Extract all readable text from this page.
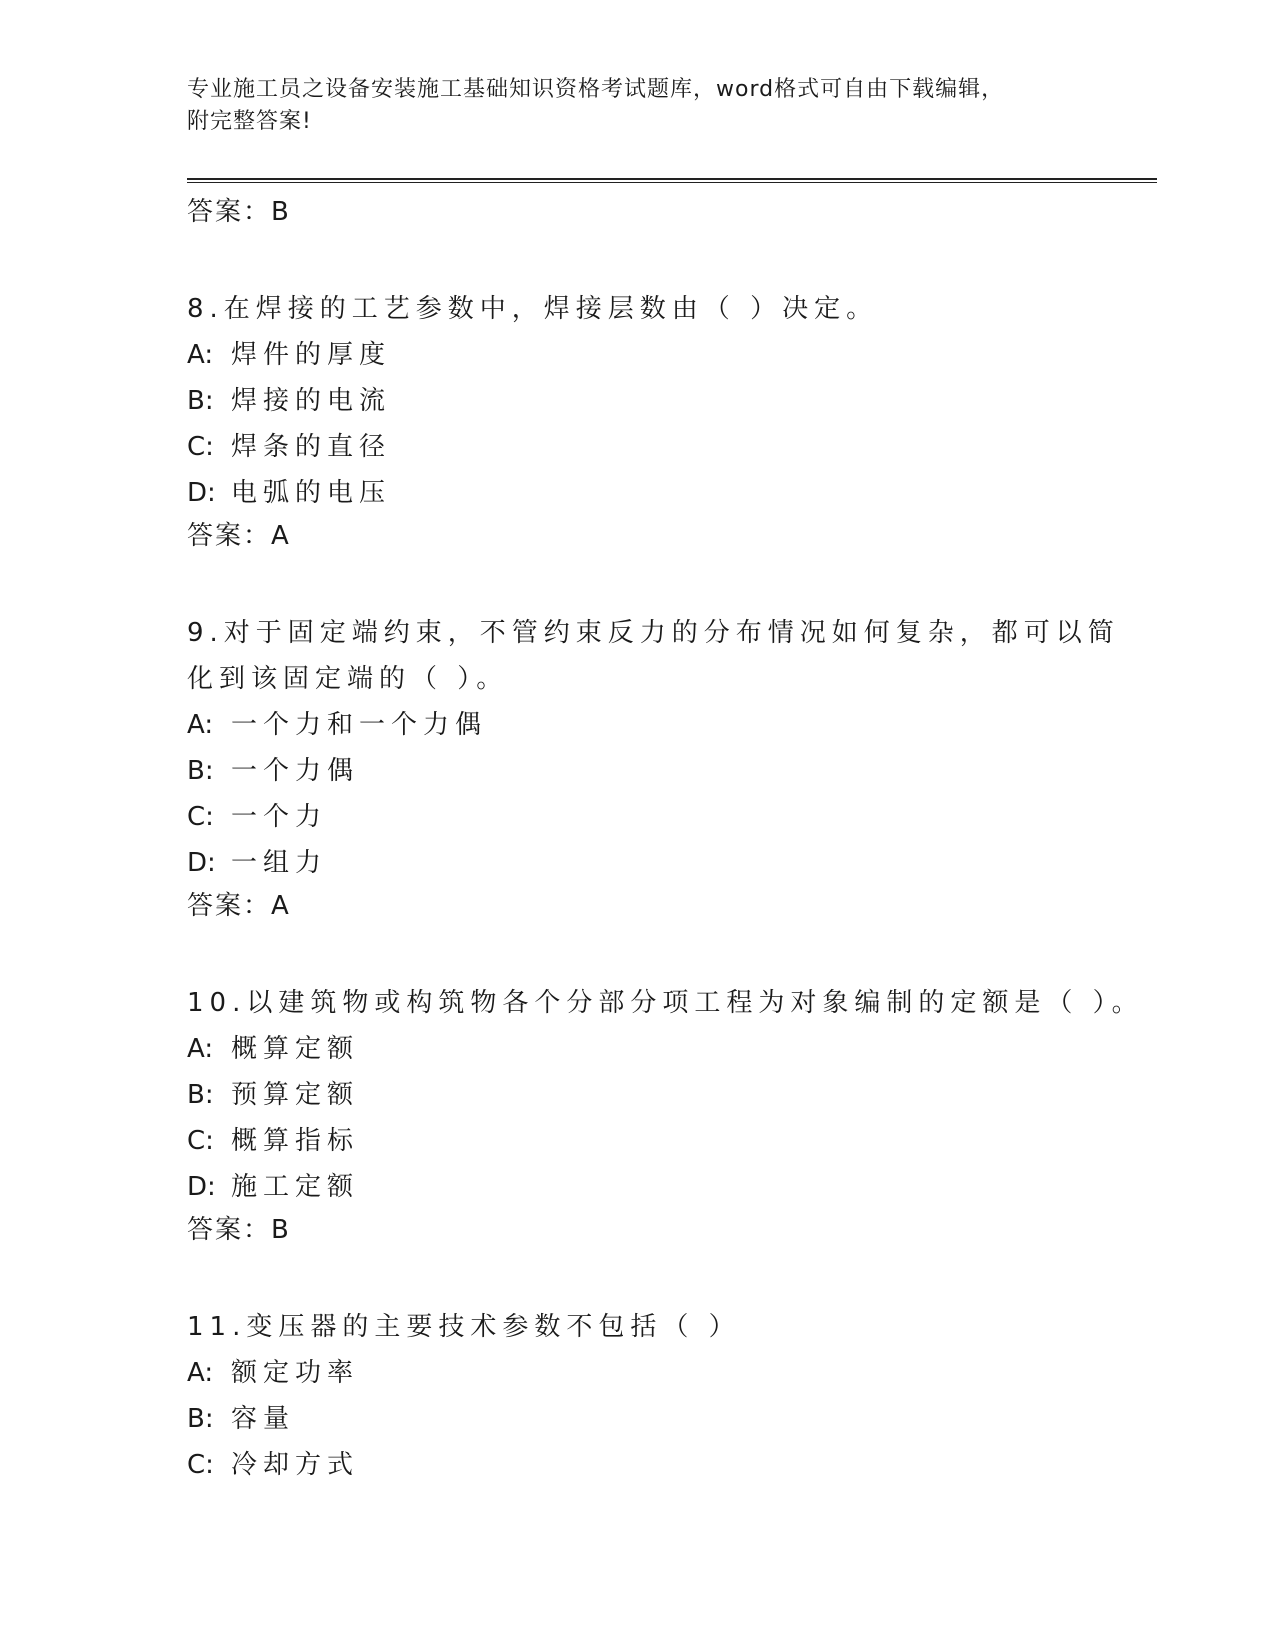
专业施工员之设备安装施工基础知识资格考试题库，word格式可自由下载编辑，
附完整答案!
答案：B
8.在焊接的工艺参数中，焊接层数由（ ）决定。
A: 焊件的厚度
B: 焊接的电流
C: 焊条的直径
D: 电弧的电压
答案：A
9.对于固定端约束，不管约束反力的分布情况如何复杂，都可以简化到该固定端的（ ）。
A: 一个力和一个力偶
B: 一个力偶
C: 一个力
D: 一组力
答案：A
10.以建筑物或构筑物各个分部分项工程为对象编制的定额是（ ）。
A: 概算定额
B: 预算定额
C: 概算指标
D: 施工定额
答案：B
11.变压器的主要技术参数不包括（ ）
A: 额定功率
B: 容量
C: 冷却方式
